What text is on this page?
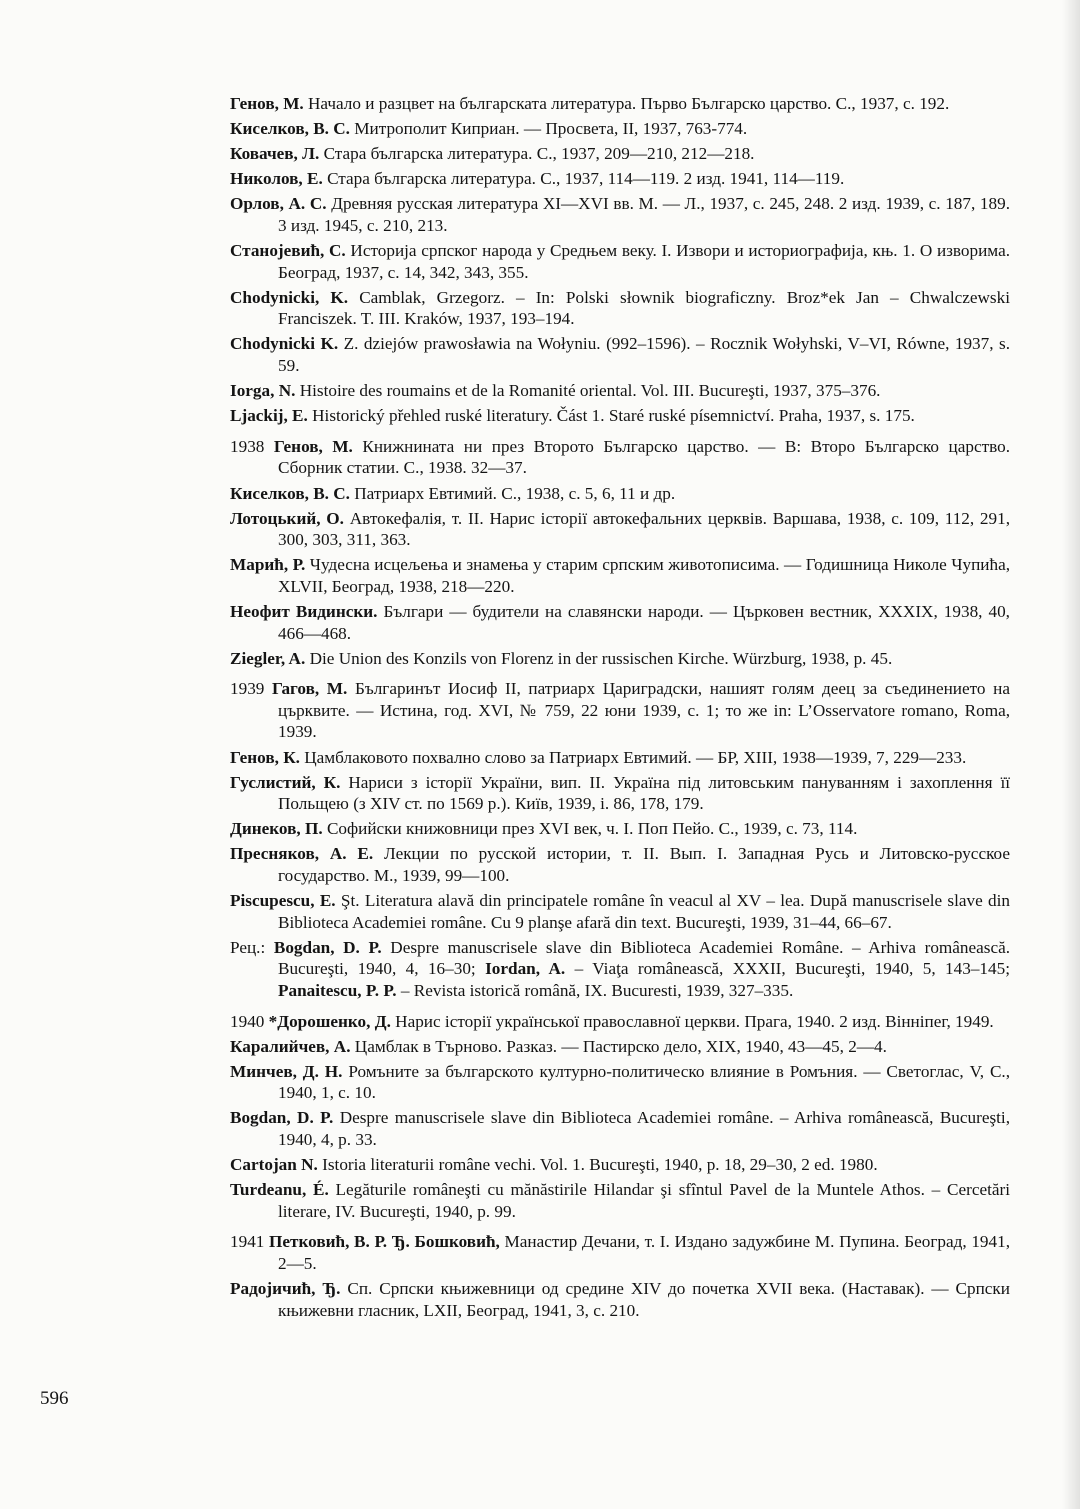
Генов, М. Начало и разцвет на българската литература. Първо Българско царство. С., 1937, с. 192.

Киселков, В. С. Митрополит Киприан. — Просвета, II, 1937, 763-774.

Ковачев, Л. Стара българска литература. С., 1937, 209—210, 212—218.

Николов, Е. Стара българска литература. С., 1937, 114—119. 2 изд. 1941, 114—119.

Орлов, А. С. Древняя русская литература XI—XVI вв. М. — Л., 1937, с. 245, 248. 2 изд. 1939, с. 187, 189. 3 изд. 1945, с. 210, 213.

Станојевић, С. Историја српског народа у Средњем веку. I. Извори и историографија, књ. 1. О изворима. Београд, 1937, с. 14, 342, 343, 355.

Chodynicki, K. Camblak, Grzegorz. – In: Polski słownik biograficzny. Broz*ek Jan – Chwalczewski Franciszek. T. III. Kraków, 1937, 193–194.

Chodynicki K. Z. dziejów prawosławia na Wołyniu. (992–1596). – Rocznik Wołyhski, V–VI, Równe, 1937, s. 59.

Iorga, N. Histoire des roumains et de la Romanité oriental. Vol. III. Bucureşti, 1937, 375–376.

Ljackij, E. Historický přehled ruské literatury. Část 1. Staré ruské písemnictví. Praha, 1937, s. 175.

1938 Генов, М. Книжнината ни през Второто Българско царство. — В: Второ Българско царство. Сборник статии. С., 1938. 32—37.

Киселков, В. С. Патриарх Евтимий. С., 1938, с. 5, 6, 11 и др.

Лотоцький, О. Автокефалія, т. II. Нарис історії автокефальних церквів. Варшава, 1938, с. 109, 112, 291, 300, 303, 311, 363.

Марић, Р. Чудесна исцељења и знамења у старим српским животописима. — Годишница Николе Чупића, XLVII, Београд, 1938, 218—220.

Неофит Видински. Българи — будители на славянски народи. — Църковен вестник, XXXIX, 1938, 40, 466—468.

Ziegler, A. Die Union des Konzils von Florenz in der russischen Kirche. Würzburg, 1938, p. 45.

1939 Гагов, М. Българинът Иосиф II, патриарх Цариградски, нашият голям деец за съединението на църквите. — Истина, год. XVI, № 759, 22 юни 1939, с. 1; то же in: L’Osservatore romano, Roma, 1939.

Генов, К. Цамблаковото похвално слово за Патриарх Евтимий. — БР, XIII, 1938—1939, 7, 229—233.

Гуслистий, К. Нариси з історії України, вип. II. Україна під литовським пануванням і захоплення її Польщею (з XIV ст. по 1569 р.). Київ, 1939, і. 86, 178, 179.

Динеков, П. Софийски книжовници през XVI век, ч. I. Поп Пейо. С., 1939, с. 73, 114.

Пресняков, А. Е. Лекции по русской истории, т. II. Вып. I. Западная Русь и Литовско-русское государство. М., 1939, 99—100.

Piscupescu, E. Şt. Literatura alavă din principatele române în veacul al XV – lea. După manuscrisele slave din Biblioteca Academiei române. Cu 9 planşe afară din text. Bucureşti, 1939, 31–44, 66–67.

Рец.: Bogdan, D. P. Despre manuscrisele slave din Biblioteca Academiei Române. – Arhiva românească. Bucureşti, 1940, 4, 16–30; Iordan, A. – Viaţa românească, XXXII, Bucureşti, 1940, 5, 143–145; Panaitescu, P. P. – Revista istorică română, IX. Bucuresti, 1939, 327–335.

1940 *Дорошенко, Д. Нарис історії української православної церкви. Прага, 1940. 2 изд. Вінніпег, 1949.

Каралийчев, А. Цамблак в Търново. Разказ. — Пастирско дело, XIX, 1940, 43—45, 2—4.

Минчев, Д. Н. Ромъните за българското културно-политическо влияние в Ромъния. — Светоглас, V, С., 1940, 1, с. 10.

Bogdan, D. P. Despre manuscrisele slave din Biblioteca Academiei române. – Arhiva românească, Bucureşti, 1940, 4, p. 33.

Cartojan N. Istoria literaturii române vechi. Vol. 1. Bucureşti, 1940, p. 18, 29–30, 2 ed. 1980.

Turdeanu, É. Legăturile româneşti cu mănăstirile Hilandar şi sfîntul Pavel de la Muntele Athos. – Cercetări literare, IV. Bucureşti, 1940, p. 99.

1941 Петковић, В. Р. Ђ. Бошковић, Манастир Дечани, т. I. Издано задужбине М. Пупина. Београд, 1941, 2—5.

Радојичић, Ђ. Сп. Српски књижевници од средине XIV до почетка XVII века. (Наставак). — Српски књижевни гласник, LXII, Београд, 1941, 3, с. 210.

596
